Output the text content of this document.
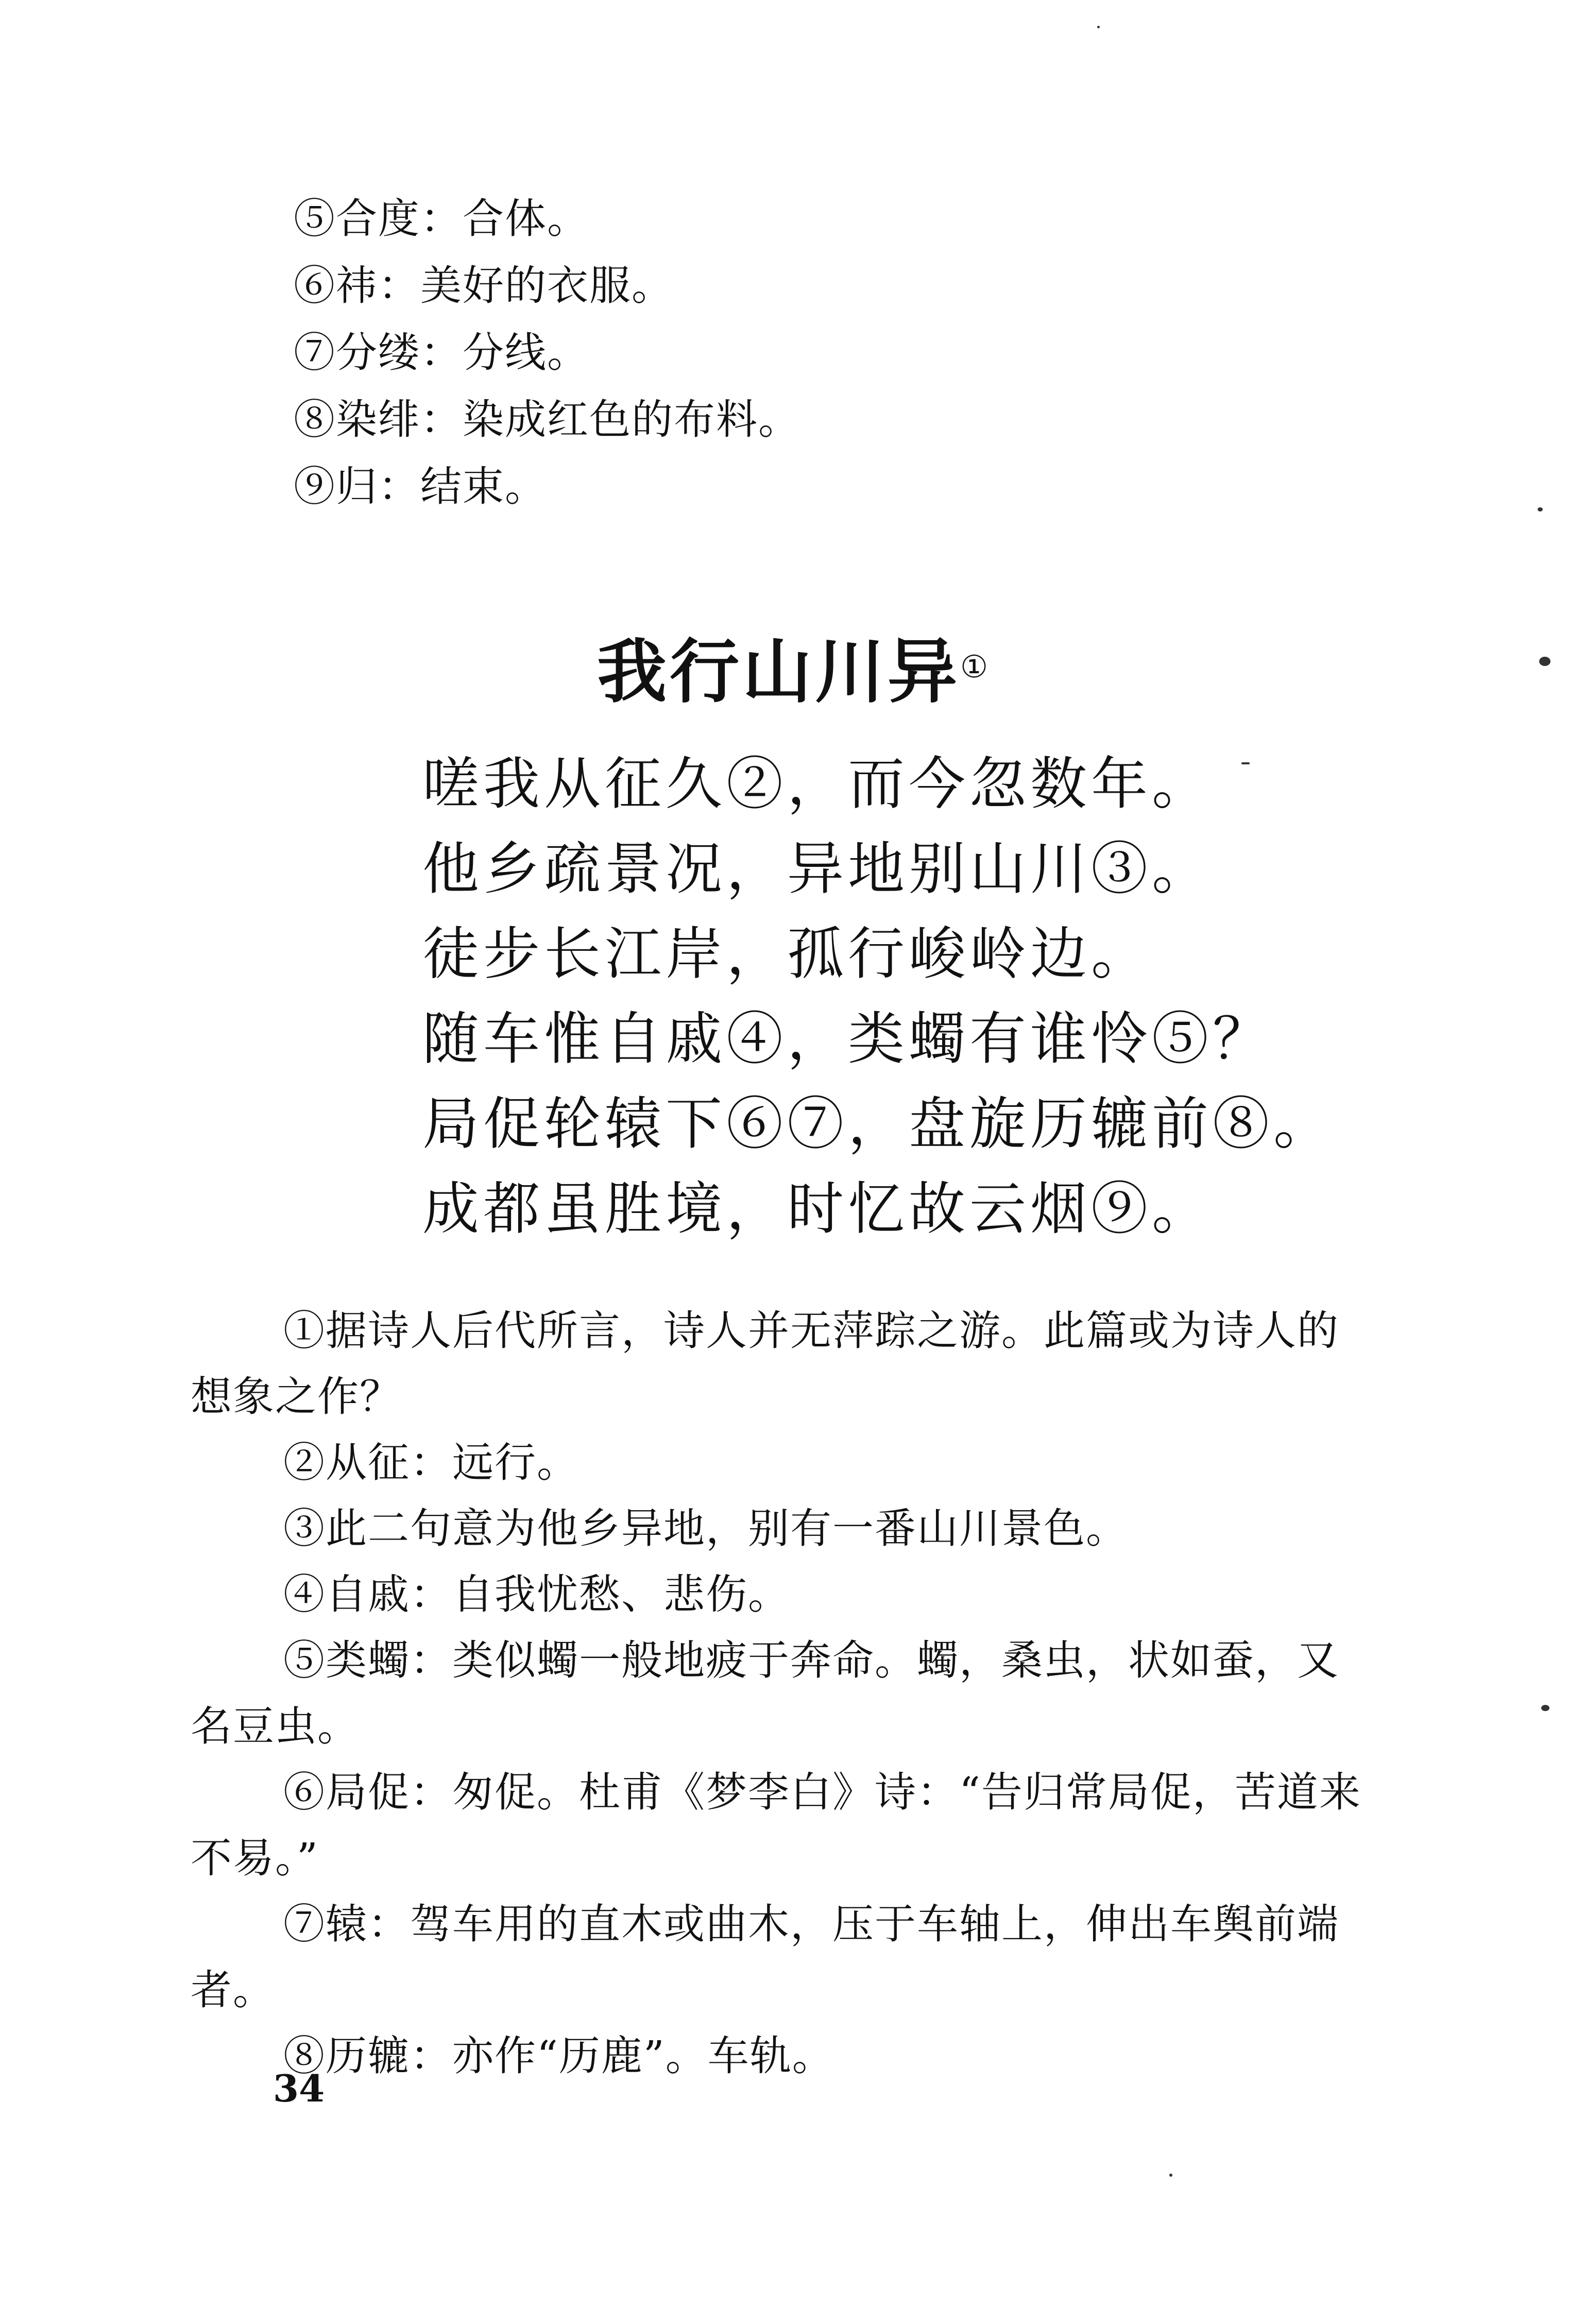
⑤合度：合体。
⑥祎：美好的衣服。
⑦分缕：分线。
⑧染绯：染成红色的布料。
⑨归：结束。
我行山川异①
嗟我从征久②，而今忽数年。
他乡疏景况，异地别山川③。
徒步长江岸，孤行峻岭边。
随车惟自戚④，类蠋有谁怜⑤？
局促轮辕下⑥⑦，盘旋历辘前⑧。
成都虽胜境，时忆故云烟⑨。
①据诗人后代所言，诗人并无萍踪之游。此篇或为诗人的想象之作？
②从征：远行。
③此二句意为他乡异地，别有一番山川景色。
④自戚：自我忧愁、悲伤。
⑤类蠋：类似蠋一般地疲于奔命。蠋，桑虫，状如蚕，又名豆虫。
⑥局促：匆促。杜甫《梦李白》诗：“告归常局促，苦道来不易。”
⑦辕：驾车用的直木或曲木，压于车轴上，伸出车舆前端者。
⑧历辘：亦作“历鹿”。车轨。
34
